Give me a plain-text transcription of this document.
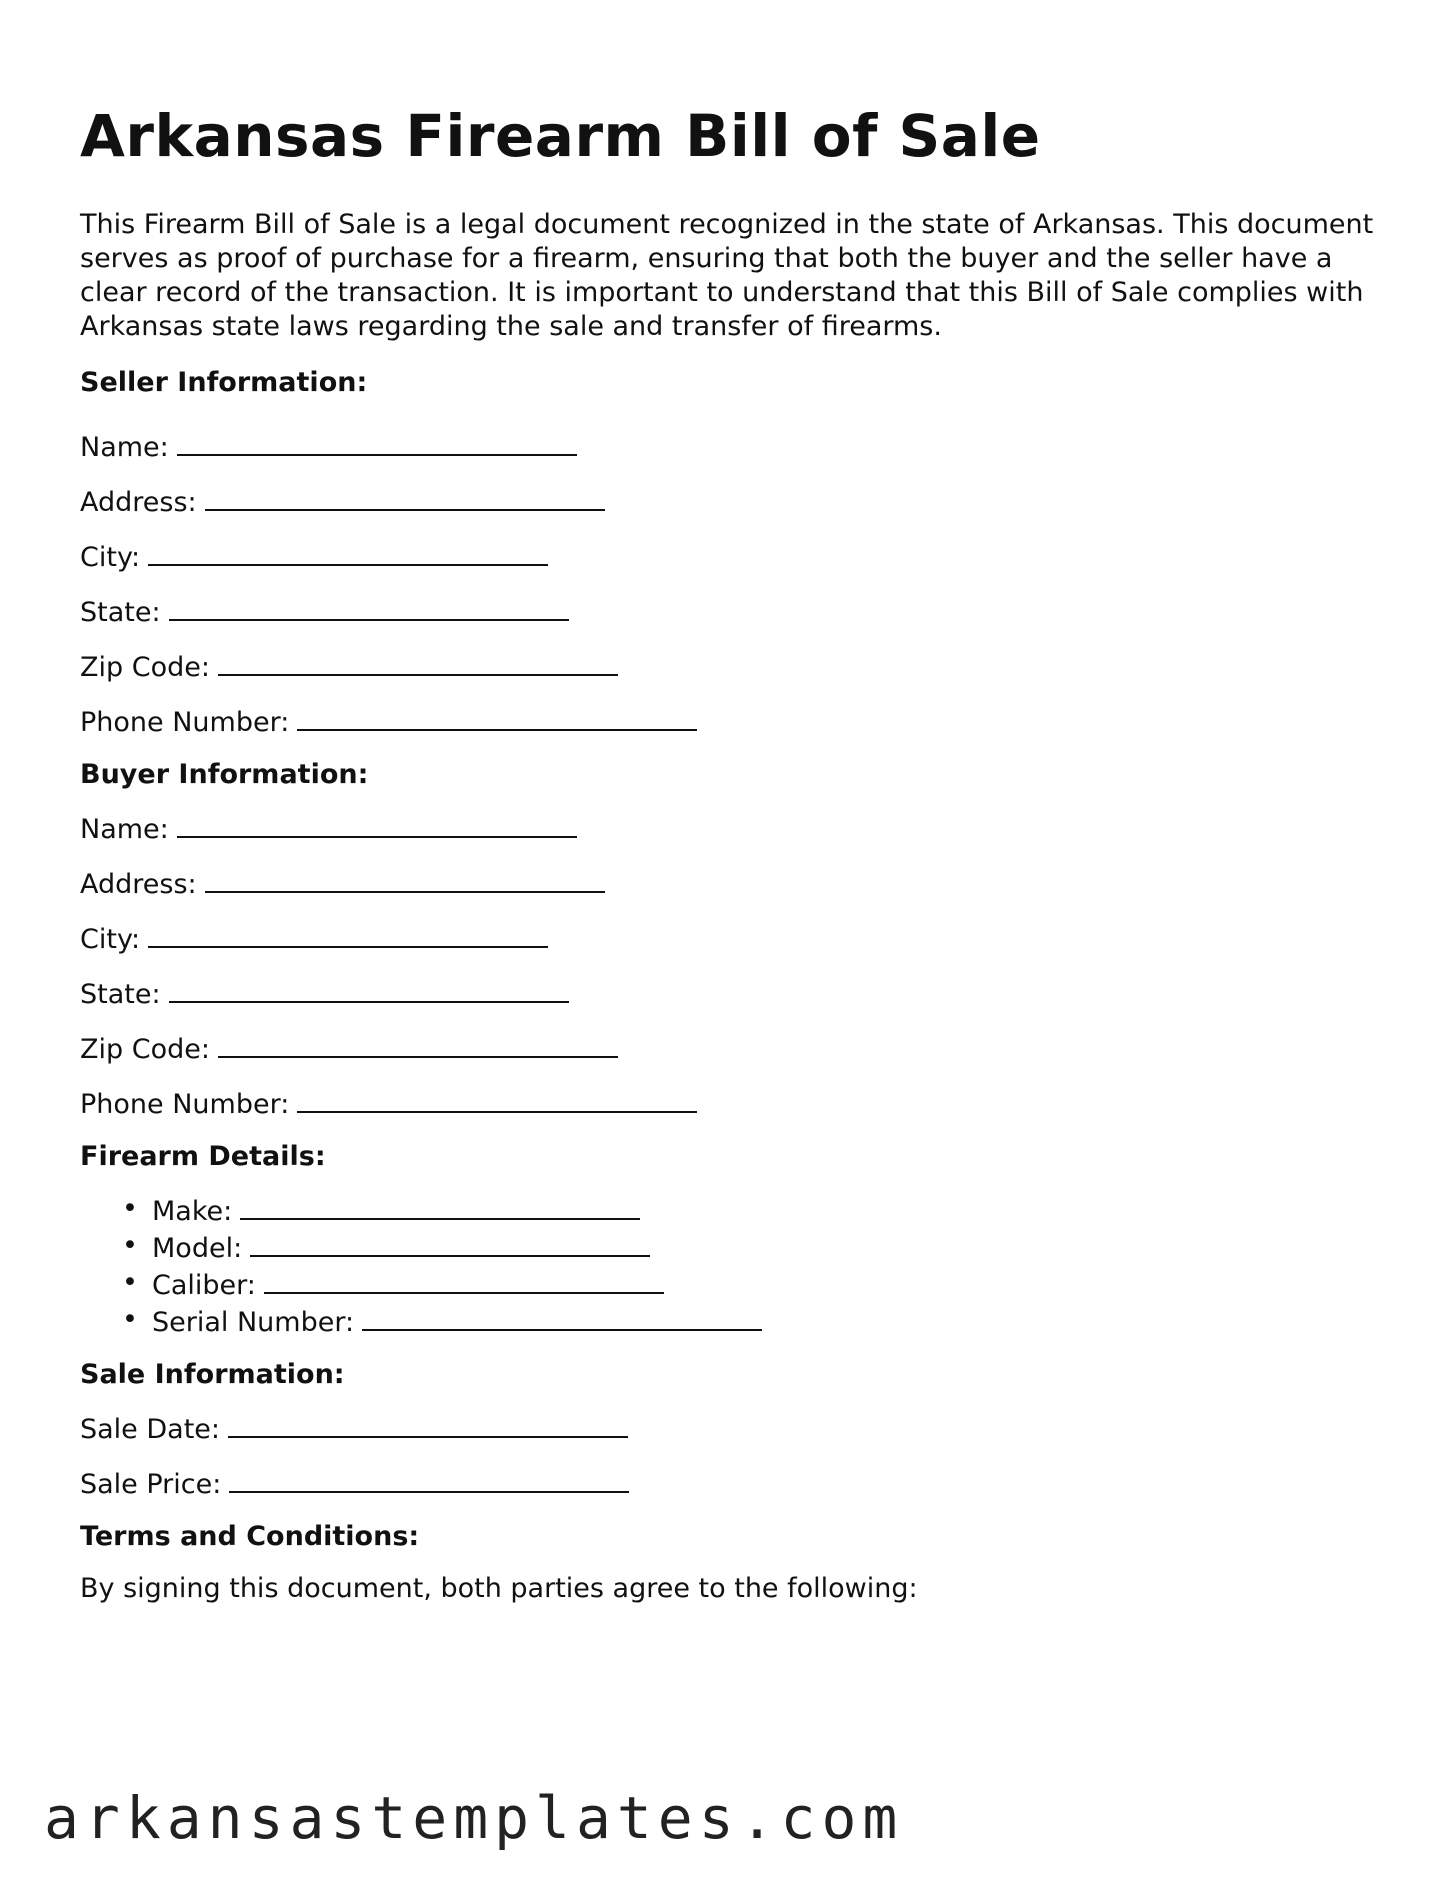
Arkansas Firearm Bill of Sale

This Firearm Bill of Sale is a legal document recognized in the state of Arkansas. This document serves as proof of purchase for a firearm, ensuring that both the buyer and the seller have a clear record of the transaction. It is important to understand that this Bill of Sale complies with Arkansas state laws regarding the sale and transfer of firearms.

Seller Information:

Name:

Address:

City:

State:

Zip Code:

Phone Number:

Buyer Information:

Name:

Address:

City:

State:

Zip Code:

Phone Number:

Firearm Details:

• Make:
• Model:
• Caliber:
• Serial Number:

Sale Information:

Sale Date:

Sale Price:

Terms and Conditions:

By signing this document, both parties agree to the following:

arkansastemplates.com
